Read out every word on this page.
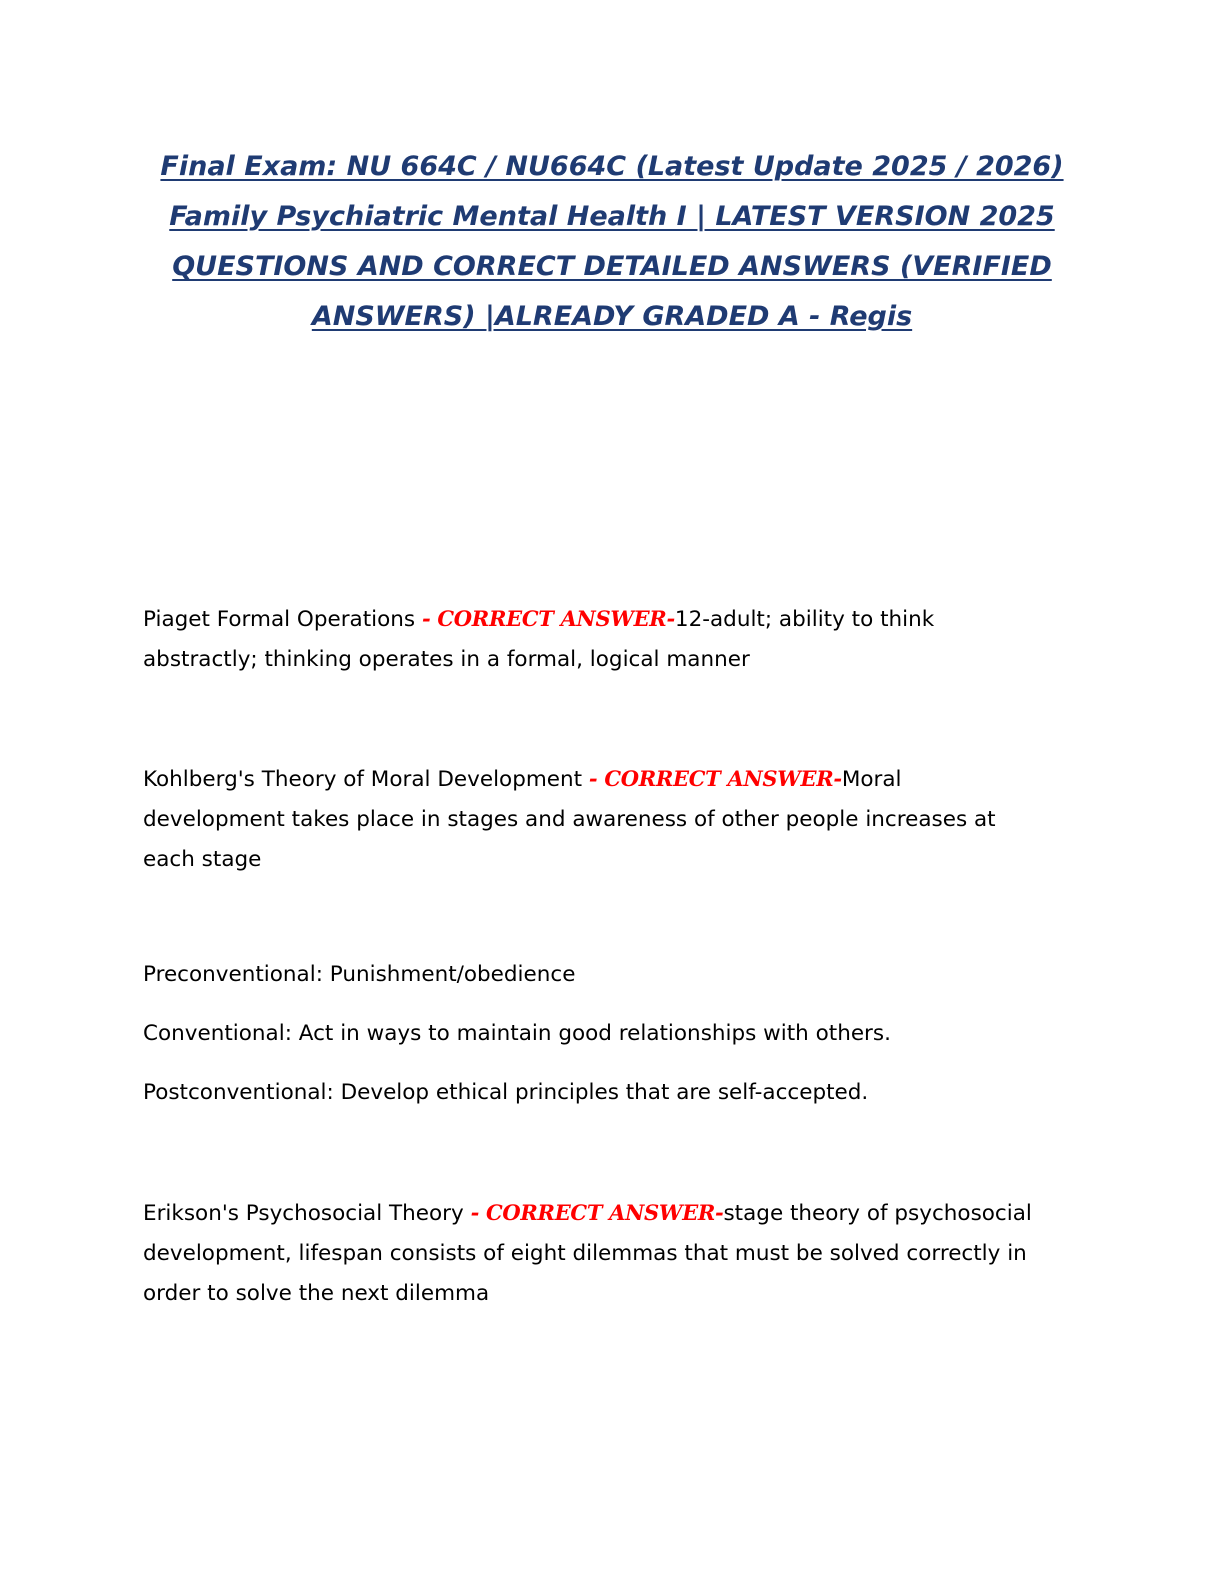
Final Exam: NU 664C / NU664C (Latest Update 2025 / 2026)
Family Psychiatric Mental Health I | LATEST VERSION 2025
QUESTIONS AND CORRECT DETAILED ANSWERS (VERIFIED
ANSWERS) |ALREADY GRADED A - Regis
Piaget Formal Operations - CORRECT ANSWER-12-adult; ability to think
abstractly; thinking operates in a formal, logical manner
Kohlberg's Theory of Moral Development - CORRECT ANSWER-Moral
development takes place in stages and awareness of other people increases at
each stage
Preconventional: Punishment/obedience
Conventional: Act in ways to maintain good relationships with others.
Postconventional: Develop ethical principles that are self-accepted.
Erikson's Psychosocial Theory - CORRECT ANSWER-stage theory of psychosocial
development, lifespan consists of eight dilemmas that must be solved correctly in
order to solve the next dilemma
